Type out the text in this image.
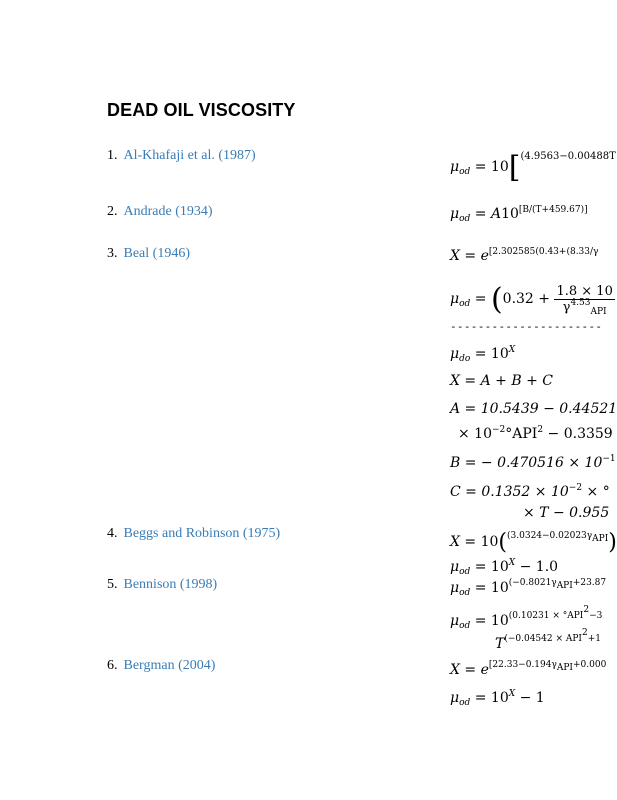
DEAD OIL VISCOSITY
1. Al-Khafaji et al. (1987)
2. Andrade (1934)
3. Beal (1946)
4. Beggs and Robinson (1975)
5. Bennison (1998)
6. Bergman (2004)
$\mu_{od} = 10[^{(4.9563-0.00488T}$
$\mu_{od} = A10[B/(T+459.67)]$
$X = e^{[2.302585(0.43+(8.33/\gamma}$
$\mu_{od} = (0.32 + \frac{1.8 \times 10}{\gamma^{4.53}_{API}}$
----------------------
$\mu_{do} = 10^X$
X = A + B + C
A = 10.5439 − 0.44521
× $10^{-2}^\circ API^2 - 0.3359$
B = − $0.470516 \times 10^{-1}$
$C = 0.1352 \times 10^{-2}$ × °
× T − 0.955
X = 10($^{(3.0324-0.02023\gamma_{API}}$)
$\mu_{od} = 10^X - 1.0$
$\mu_{od} = 10^{(-0.8021\gamma_{API}+23.87}$
$\mu_{od} = 10^{(0.10231 \times ^\circ API^2-3}$
$T^{(-0.04542 \times API^2+1}$
$X = e^{[22.33-0.194\gamma_{API}+0.000}$
$\mu_{od} = 10^X - 1$
